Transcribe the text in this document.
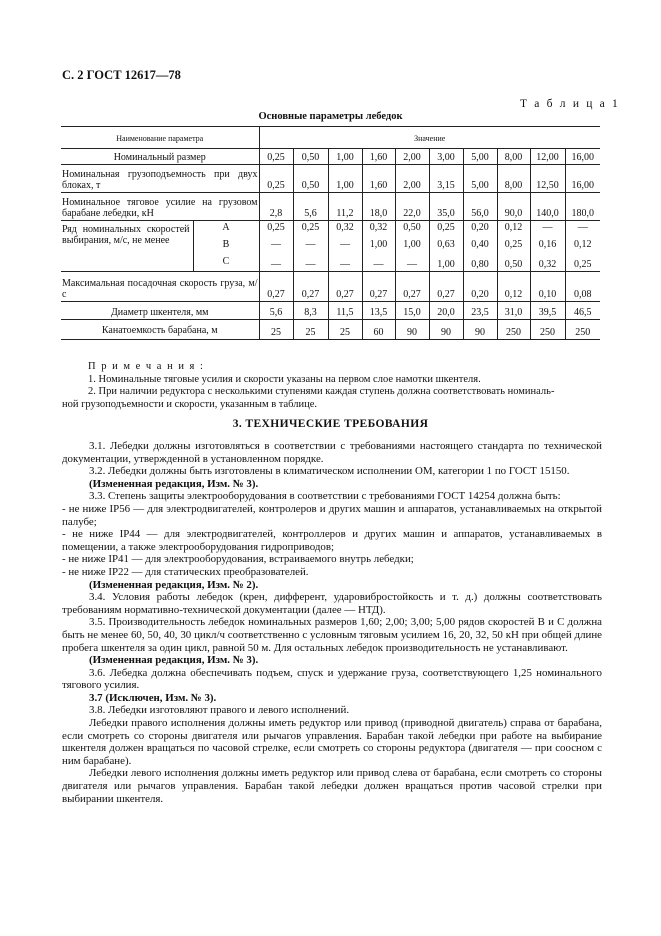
С. 2 ГОСТ 12617—78
Т а б л и ц а 1
Основные параметры лебедок
Наименование параметра		Значение									
Номинальный размер		0,25	0,50	1,00	1,60	2,00	3,00	5,00	8,00	12,00	16,00
Номинальная грузоподъемность при двух блоках, т		0,25	0,50	1,00	1,60	2,00	3,15	5,00	8,00	12,50	16,00
Номинальное тяговое усилие на грузовом барабане лебедки, кН		2,8	5,6	11,2	18,0	22,0	35,0	56,0	90,0	140,0	180,0
Ряд номинальных скоростей выбирания, м/с, не менее	А	0,25	0,25	0,32	0,32	0,50	0,25	0,20	0,12	—	—
	В	—	—	—	1,00	1,00	0,63	0,40	0,25	0,16	0,12
	С	—	—	—	—	—	1,00	0,80	0,50	0,32	0,25
Максимальная посадочная скорость груза, м/с		0,27	0,27	0,27	0,27	0,27	0,27	0,20	0,12	0,10	0,08
Диаметр шкентеля, мм		5,6	8,3	11,5	13,5	15,0	20,0	23,5	31,0	39,5	46,5
Канатоемкость барабана, м		25	25	25	60	90	90	90	250	250	250
П р и м е ч а н и я :
1. Номинальные тяговые усилия и скорости указаны на первом слое намотки шкентеля.
2. При наличии редуктора с несколькими ступенями каждая ступень должна соответствовать номиналь-
ной грузоподъемности и скорости, указанным в таблице.
3. ТЕХНИЧЕСКИЕ ТРЕБОВАНИЯ

3.1. Лебедки должны изготовляться в соответствии с требованиями настоящего стандарта по технической документации, утвержденной в установленном порядке.

3.2. Лебедки должны быть изготовлены в климатическом исполнении ОМ, категории 1 по ГОСТ 15150.

(Измененная редакция, Изм. № 3).

3.3. Степень защиты электрооборудования в соответствии с требованиями ГОСТ 14254 должна быть:

- не ниже IP56 — для электродвигателей, контролеров и других машин и аппаратов, устанавливаемых на открытой палубе;

- не ниже IP44 — для электродвигателей, контроллеров и других машин и аппаратов, устанавливаемых в помещении, а также электрооборудования гидроприводов;

- не ниже IP41 — для электрооборудования, встраиваемого внутрь лебедки;

- не ниже IP22 — для статических преобразователей.

(Измененная редакция, Изм. № 2).

3.4. Условия работы лебедок (крен, дифферент, ударовибростойкость и т. д.) должны соответствовать требованиям нормативно-технической документации (далее — НТД).

3.5. Производительность лебедок номинальных размеров 1,60; 2,00; 3,00; 5,00 рядов скоростей В и С должна быть не менее 60, 50, 40, 30 цикл/ч соответственно с условным тяговым усилием 16, 20, 32, 50 кН при общей длине пробега шкентеля за один цикл, равной 50 м. Для остальных лебедок производительность не устанавливают.

(Измененная редакция, Изм. № 3).

3.6. Лебедка должна обеспечивать подъем, спуск и удержание груза, соответствующего 1,25 номинального тягового усилия.

3.7 (Исключен, Изм. № 3).

3.8. Лебедки изготовляют правого и левого исполнений.

Лебедки правого исполнения должны иметь редуктор или привод (приводной двигатель) справа от барабана, если смотреть со стороны двигателя или рычагов управления. Барабан такой лебедки при работе на выбирание шкентеля должен вращаться по часовой стрелке, если смотреть со стороны редуктора (двигателя — при соосном с ним барабане).

Лебедки левого исполнения должны иметь редуктор или привод слева от барабана, если смотреть со стороны двигателя или рычагов управления. Барабан такой лебедки должен вращаться против часовой стрелки при выбирании шкентеля.
